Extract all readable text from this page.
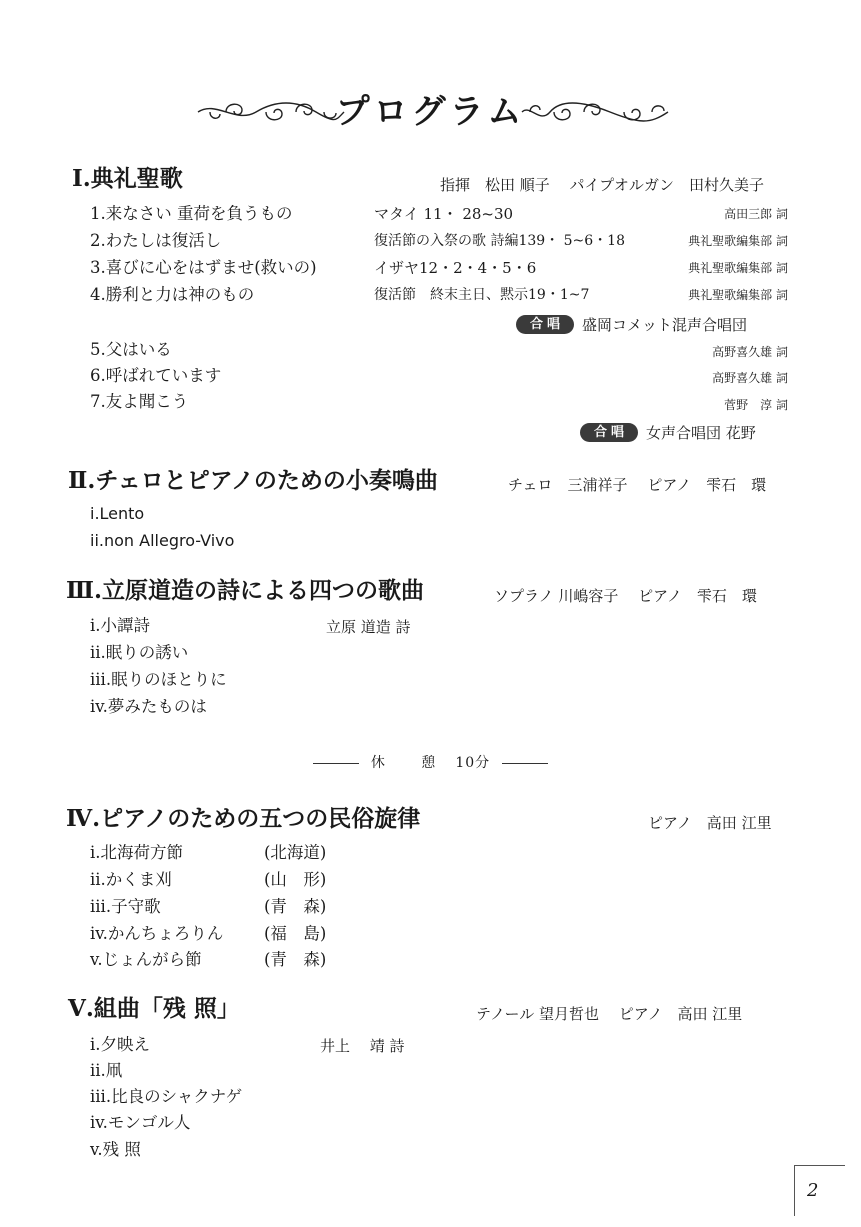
プログラム
Ⅰ.典礼聖歌	指揮　松田 順子　 パイプオルガン　田村久美子
1.来なさい 重荷を負うもの	マタイ 11・ 28~30	高田三郎 詞
2.わたしは復活し	復活節の入祭の歌 詩編139・ 5~6・18	典礼聖歌編集部 詞
3.喜びに心をはずませ(救いの)	イザヤ12・2・4・5・6	典礼聖歌編集部 詞
4.勝利と力は神のもの	復活節　終末主日、黙示19・1~7	典礼聖歌編集部 詞
合唱 盛岡コメット混声合唱団
5.父はいる	高野喜久雄 詞
6.呼ばれています	高野喜久雄 詞
7.友よ聞こう	菅野　淳 詞
合唱 女声合唱団 花野
Ⅱ.チェロとピアノのための小奏鳴曲	チェロ　三浦祥子　 ピアノ　雫石　環
i.Lento
ii.non Allegro-Vivo
Ⅲ.立原道造の詩による四つの歌曲	ソプラノ 川嶋容子　 ピアノ　雫石　環
i.小譚詩	立原 道造 詩
ii.眠りの誘い
iii.眠りのほとりに
iv.夢みたものは
休 憩 10分
Ⅳ.ピアノのための五つの民俗旋律	ピアノ　高田 江里
i.北海荷方節	(北海道)
ii.かくま刈	(山　形)
iii.子守歌	(青　森)
iv.かんちょろりん (福　島)
v.じょんがら節	(青　森)
Ⅴ.組曲「残 照」	テノール 望月哲也　 ピアノ　高田 江里
i.夕映え	井上　 靖 詩
ii.凧
iii.比良のシャクナゲ
iv.モンゴル人
v.残 照
2
